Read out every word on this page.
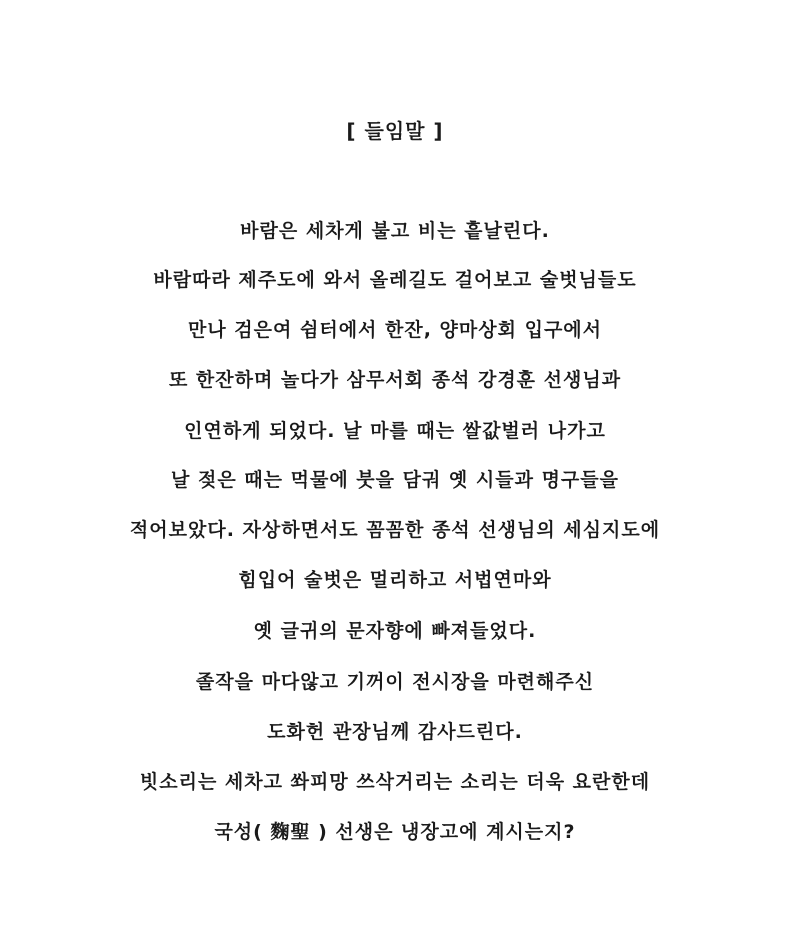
[ 들임말 ]
바람은 세차게 불고 비는 흩날린다.
바람따라 제주도에 와서 올레길도 걸어보고 술벗님들도
만나 검은여 쉼터에서 한잔, 양마상회 입구에서
또 한잔하며 놀다가 삼무서회 종석 강경훈 선생님과
인연하게 되었다. 날 마를 때는 쌀값벌러 나가고
날 젖은 때는 먹물에 붓을 담궈 옛 시들과 명구들을
적어보았다. 자상하면서도 꼼꼼한 종석 선생님의 세심지도에
힘입어 술벗은 멀리하고 서법연마와
옛 글귀의 문자향에 빠져들었다.
졸작을 마다않고 기꺼이 전시장을 마련해주신
도화헌 관장님께 감사드린다.
빗소리는 세차고 쏴피망 쓰삭거리는 소리는 더욱 요란한데
국성( 麴聖 ) 선생은 냉장고에 계시는지?
